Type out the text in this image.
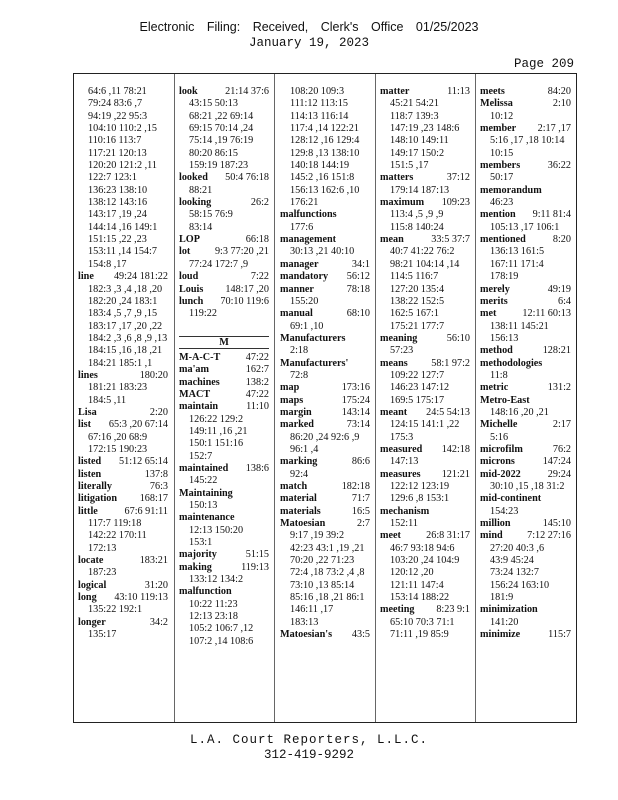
Electronic Filing: Received, Clerk's Office 01/25/2023
January 19, 2023
Page 209
64:6 ,11 78:21
79:24 83:6 ,7
94:19 ,22 95:3
104:10 110:2 ,15
110:16 113:7
117:21 120:13
120:20 121:2 ,11
122:7 123:1
136:23 138:10
138:12 143:16
143:17 ,19 ,24
144:14 ,16 149:1
151:15 ,22 ,23
153:11 ,14 154:7
154:8 ,17
line 49:24 181:22
182:3 ,3 ,4 ,18 ,20
182:20 ,24 183:1
183:4 ,5 ,7 ,9 ,15
183:17 ,17 ,20 ,22
184:2 ,3 ,6 ,8 ,9 ,13
184:15 ,16 ,18 ,21
184:21 185:1 ,1
lines	180:20
181:21 183:23
184:5 ,11
Lisa	2:20
list 65:3 ,20 67:14
67:16 ,20 68:9
172:15 190:23
listed 51:12 65:14
listen	137:8
literally	76:3
litigation 168:17
little	67:6 91:11
117:7 119:18
142:22 170:11
172:13
locate	183:21
187:23
logical	31:20
long 43:10 119:13
135:22 192:1
longer	34:2
135:17
look	21:14 37:6
43:15 50:13
68:21 ,22 69:14
69:15 70:14 ,24
75:14 ,19 76:19
80:20 86:15
159:19 187:23
looked 50:4 76:18
88:21
looking	26:2
58:15 76:9
83:14
LOP	66:18
lot 9:3 77:20 ,21
77:24 172:7 ,9
loud	7:22
Louis 148:17 ,20
lunch 70:10 119:6
119:22

M
M-A-C-T 47:22
ma'am	162:7
machines	138:2
MACT	47:22
maintain	11:10
126:22 129:2
149:11 ,16 ,21
150:1 151:16
152:7
maintained 138:6
145:22
Maintaining
150:13
maintenance
12:13 150:20
153:1
majority	51:15
making	119:13
133:12 134:2
malfunction
10:22 11:23
12:13 23:18
105:2 106:7 ,12
107:2 ,14 108:6
108:20 109:3
111:12 113:15
114:13 116:14
117:4 ,14 122:21
128:12 ,16 129:4
129:8 ,13 138:10
140:18 144:19
145:2 ,16 151:8
156:13 162:6 ,10
176:21
malfunctions
177:6
management
30:13 ,21 40:10
manager	34:1
mandatory 56:12
manner	78:18
155:20
manual	68:10
69:1 ,10
Manufacturers
2:18
Manufacturers'
72:8
map	173:16
maps	175:24
margin	143:14
marked	73:14
86:20 ,24 92:6 ,9
96:1 ,4
marking	86:6
92:4
match	182:18
material	71:7
materials	16:5
Matoesian	2:7
9:17 ,19 39:2
42:23 43:1 ,19 ,21
70:20 ,22 71:23
72:4 ,18 73:2 ,4 ,8
73:10 ,13 85:14
85:16 ,18 ,21 86:1
146:11 ,17
183:13
Matoesian's 43:5
matter	11:13
45:21 54:21
118:7 139:3
147:19 ,23 148:6
148:10 149:11
149:17 150:2
151:5 ,17
matters	37:12
179:14 187:13
maximum 109:23
113:4 ,5 ,9 ,9
115:8 140:24
mean	33:5 37:7
40:7 41:22 76:2
98:21 104:14 ,14
114:5 116:7
127:20 135:4
138:22 152:5
162:5 167:1
175:21 177:7
meaning	56:10
57:23
means 58:1 97:2
109:22 127:7
146:23 147:12
169:5 175:17
meant 24:5 54:13
124:15 141:1 ,22
175:3
measured 142:18
147:13
measures 121:21
122:12 123:19
129:6 ,8 153:1
mechanism
152:11
meet 26:8 31:17
46:7 93:18 94:6
103:20 ,24 104:9
120:12 ,20
121:11 147:4
153:14 188:22
meeting 8:23 9:1
65:10 70:3 71:1
71:11 ,19 85:9
meets	84:20
Melissa	2:10
10:12
member 2:17 ,17
5:16 ,17 ,18 10:14
10:15
members	36:22
50:17
memorandum
46:23
mention 9:11 81:4
105:13 ,17 106:1
mentioned	8:20
136:13 161:5
167:11 171:4
178:19
merely	49:19
merits	6:4
met	12:11 60:13
138:11 145:21
156:13
method	128:21
methodologies
11:8
metric	131:2
Metro-East
148:16 ,20 ,21
Michelle	2:17
5:16
microfilm	76:2
microns	147:24
mid-2022	29:24
30:10 ,15 ,18 31:2
mid-continent
154:23
million	145:10
mind 7:12 27:16
27:20 40:3 ,6
43:9 45:24
73:24 132:7
156:24 163:10
181:9
minimization
141:20
minimize	115:7
L.A. Court Reporters, L.L.C.
312-419-9292
